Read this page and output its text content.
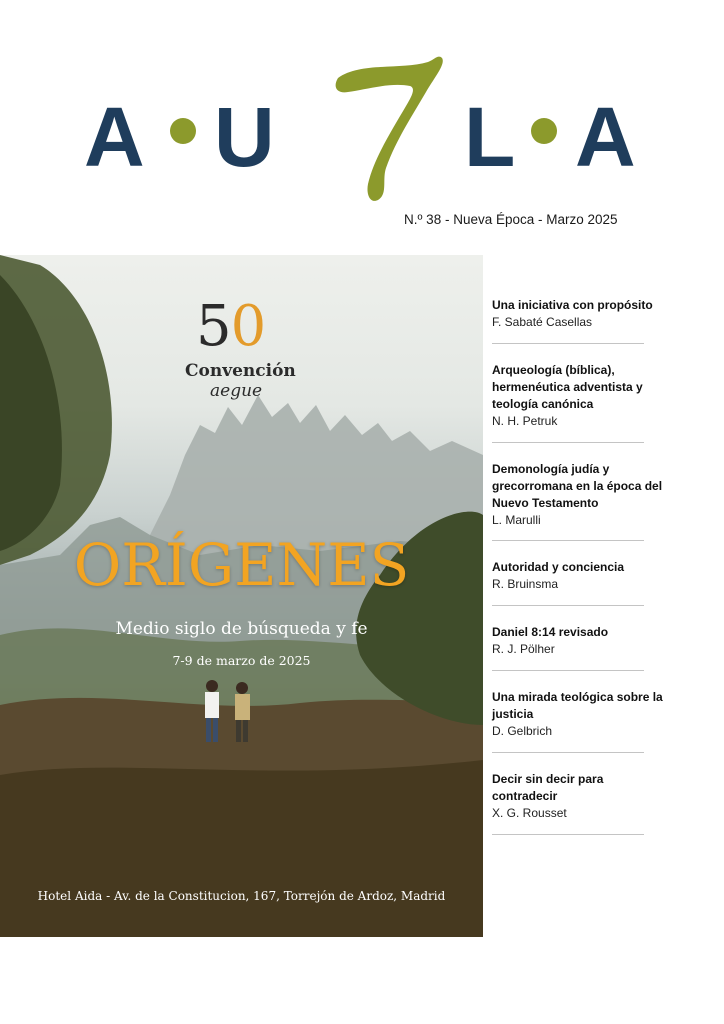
A U L A
N.º 38 - Nueva Época - Marzo 2025
50
Convención
aegue
ORÍGENES
Medio siglo de búsqueda y fe
7-9 de marzo de 2025
Hotel Aida - Av. de la Constitucion, 167, Torrejón de Ardoz, Madrid
Una iniciativa con propósito
F. Sabaté Casellas
Arqueología (bíblica), hermenéutica adventista y teología canónica
N. H. Petruk
Demonología judía y grecorromana en la época del Nuevo Testamento
L. Marulli
Autoridad y conciencia
R. Bruinsma
Daniel 8:14 revisado
R. J. Pölher
Una mirada teológica sobre la justicia
D. Gelbrich
Decir sin decir para contradecir
X. G. Rousset
